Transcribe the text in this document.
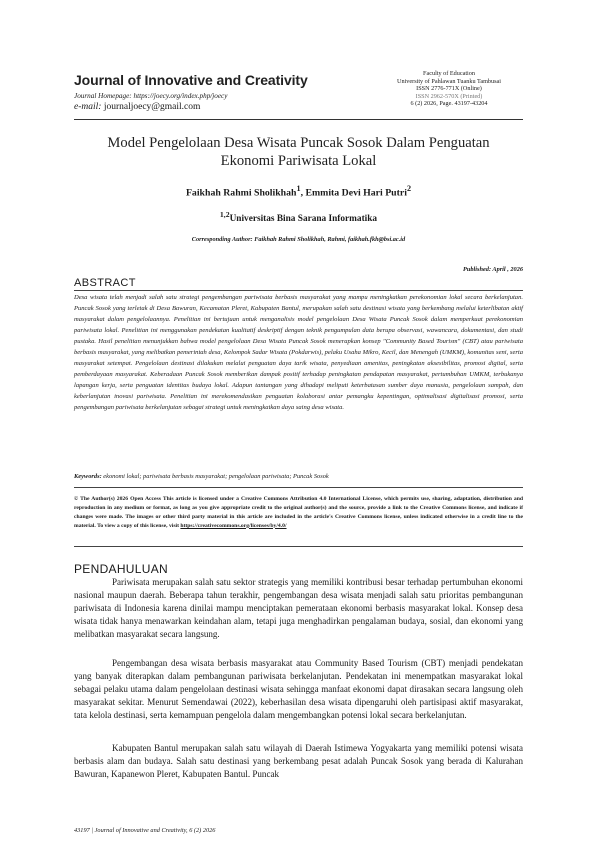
Journal of Innovative and Creativity
Journal Homepage: https://joecy.org/index.php/joecy
e-mail: journaljoecy@gmail.com
Faculty of Education
University of Pahlawan Tuanku Tambusai
ISSN 2776-771X (Online)
ISSN 2962-570X (Printed)
6 (2) 2026, Page. 43197-43204
Model Pengelolaan Desa Wisata Puncak Sosok Dalam Penguatan
Ekonomi Pariwisata Lokal
Faikhah Rahmi Sholikhah$^1$, Emmita Devi Hari Putri$^2$
$^{1,2}$Universitas Bina Sarana Informatika
Corresponding Author: Faikhah Rahmi Sholikhah, Rahmi, faikhah.fkh@bsi.ac.id
Published: April , 2026
ABSTRACT

Desa wisata telah menjadi salah satu strategi pengembangan pariwisata berbasis masyarakat yang mampu meningkatkan perekonomian lokal secara berkelanjutan. Puncak Sosok yang terletak di Desa Bawuran, Kecamatan Pleret, Kabupaten Bantul, merupakan salah satu destinasi wisata yang berkembang melalui keterlibatan aktif masyarakat dalam pengelolaannya. Penelitian ini bertujuan untuk menganalisis model pengelolaan Desa Wisata Puncak Sosok dalam memperkuat perekonomian pariwisata lokal. Penelitian ini menggunakan pendekatan kualitatif deskriptif dengan teknik pengumpulan data berupa observasi, wawancara, dokumentasi, dan studi pustaka. Hasil penelitian menunjukkan bahwa model pengelolaan Desa Wisata Puncak Sosok menerapkan konsep "Community Based Tourism" (CBT) atau pariwisata berbasis masyarakat, yang melibatkan pemerintah desa, Kelompok Sadar Wisata (Pokdarwis), pelaku Usaha Mikro, Kecil, dan Menengah (UMKM), komunitas seni, serta masyarakat setempat. Pengelolaan destinasi dilakukan melalui penguatan daya tarik wisata, penyediaan amenitas, peningkatan aksesibilitas, promosi digital, serta pemberdayaan masyarakat. Keberadaan Puncak Sosok memberikan dampak positif terhadap peningkatan pendapatan masyarakat, pertumbuhan UMKM, terbukanya lapangan kerja, serta penguatan identitas budaya lokal. Adapun tantangan yang dihadapi meliputi keterbatasan sumber daya manusia, pengelolaan sampah, dan keberlanjutan inovasi pariwisata. Penelitian ini merekomendasikan penguatan kolaborasi antar pemangku kepentingan, optimalisasi digitalisasi promosi, serta pengembangan pariwisata berkelanjutan sebagai strategi untuk meningkatkan daya saing desa wisata.

Keywords: ekonomi lokal; pariwisata berbasis masyarakat; pengelolaan pariwisata; Puncak Sosok

© The Author(s) 2026 Open Access This article is licensed under a Creative Commons Attribution 4.0 International License, which permits use, sharing, adaptation, distribution and reproduction in any medium or format, as long as you give appropriate credit to the original author(s) and the source, provide a link to the Creative Commons license, and indicate if changes were made. The images or other third party material in this article are included in the article's Creative Commons license, unless indicated otherwise in a credit line to the material. To view a copy of this license, visit https://creativecommons.org/licenses/by/4.0/

PENDAHULUAN

Pariwisata merupakan salah satu sektor strategis yang memiliki kontribusi besar terhadap pertumbuhan ekonomi nasional maupun daerah. Beberapa tahun terakhir, pengembangan desa wisata menjadi salah satu prioritas pembangunan pariwisata di Indonesia karena dinilai mampu menciptakan pemerataan ekonomi berbasis masyarakat lokal. Konsep desa wisata tidak hanya menawarkan keindahan alam, tetapi juga menghadirkan pengalaman budaya, sosial, dan ekonomi yang melibatkan masyarakat secara langsung.

Pengembangan desa wisata berbasis masyarakat atau Community Based Tourism (CBT) menjadi pendekatan yang banyak diterapkan dalam pembangunan pariwisata berkelanjutan. Pendekatan ini menempatkan masyarakat lokal sebagai pelaku utama dalam pengelolaan destinasi wisata sehingga manfaat ekonomi dapat dirasakan secara langsung oleh masyarakat sekitar. Menurut Semendawai (2022), keberhasilan desa wisata dipengaruhi oleh partisipasi aktif masyarakat, tata kelola destinasi, serta kemampuan pengelola dalam mengembangkan potensi lokal secara berkelanjutan.

Kabupaten Bantul merupakan salah satu wilayah di Daerah Istimewa Yogyakarta yang memiliki potensi wisata berbasis alam dan budaya. Salah satu destinasi yang berkembang pesat adalah Puncak Sosok yang berada di Kalurahan Bawuran, Kapanewon Pleret, Kabupaten Bantul. Puncak

43197 | Journal of Innovative and Creativity, 6 (2) 2026
